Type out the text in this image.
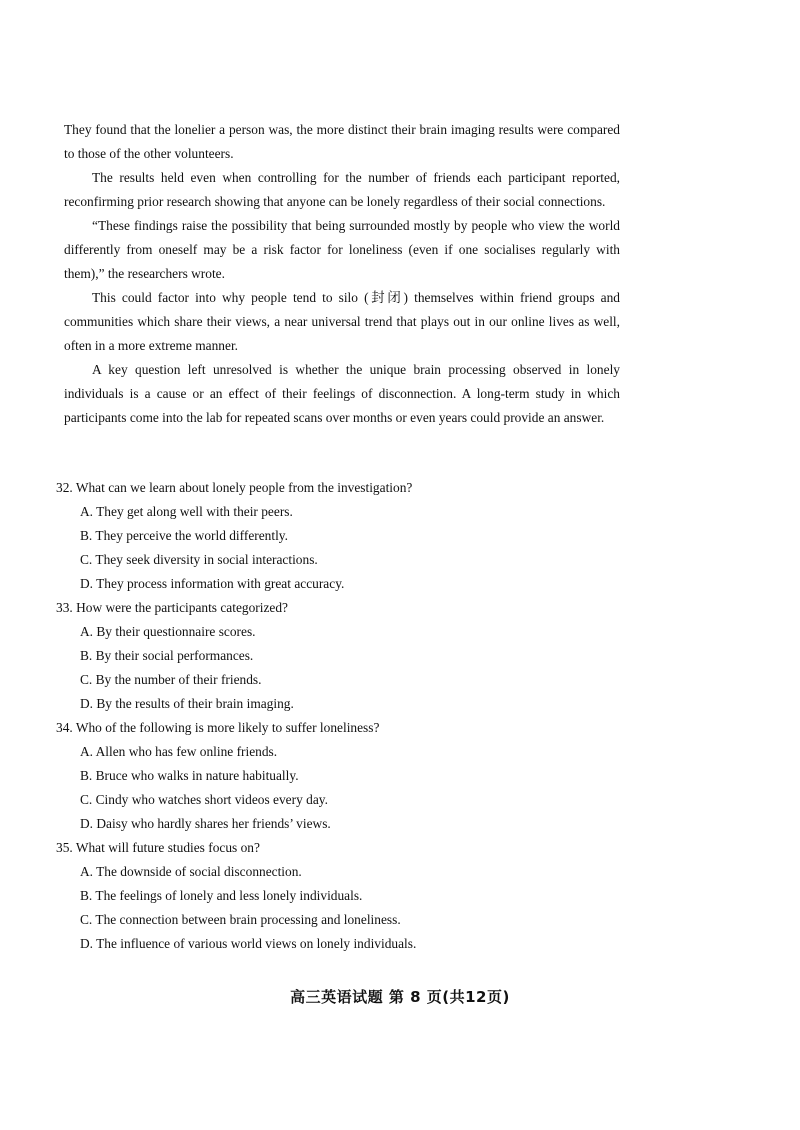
They found that the lonelier a person was, the more distinct their brain imaging results were compared to those of the other volunteers.

The results held even when controlling for the number of friends each participant reported, reconfirming prior research showing that anyone can be lonely regardless of their social connections.

“These findings raise the possibility that being surrounded mostly by people who view the world differently from oneself may be a risk factor for loneliness (even if one socialises regularly with them),” the researchers wrote.

This could factor into why people tend to silo (封闭) themselves within friend groups and communities which share their views, a near universal trend that plays out in our online lives as well, often in a more extreme manner.

A key question left unresolved is whether the unique brain processing observed in lonely individuals is a cause or an effect of their feelings of disconnection. A long-term study in which participants come into the lab for repeated scans over months or even years could provide an answer.

32. What can we learn about lonely people from the investigation?
A. They get along well with their peers.
B. They perceive the world differently.
C. They seek diversity in social interactions.
D. They process information with great accuracy.
33. How were the participants categorized?
A. By their questionnaire scores.
B. By their social performances.
C. By the number of their friends.
D. By the results of their brain imaging.
34. Who of the following is more likely to suffer loneliness?
A. Allen who has few online friends.
B. Bruce who walks in nature habitually.
C. Cindy who watches short videos every day.
D. Daisy who hardly shares her friends’ views.
35. What will future studies focus on?
A. The downside of social disconnection.
B. The feelings of lonely and less lonely individuals.
C. The connection between brain processing and loneliness.
D. The influence of various world views on lonely individuals.
高三英语试题 第 8 页(共12页)
